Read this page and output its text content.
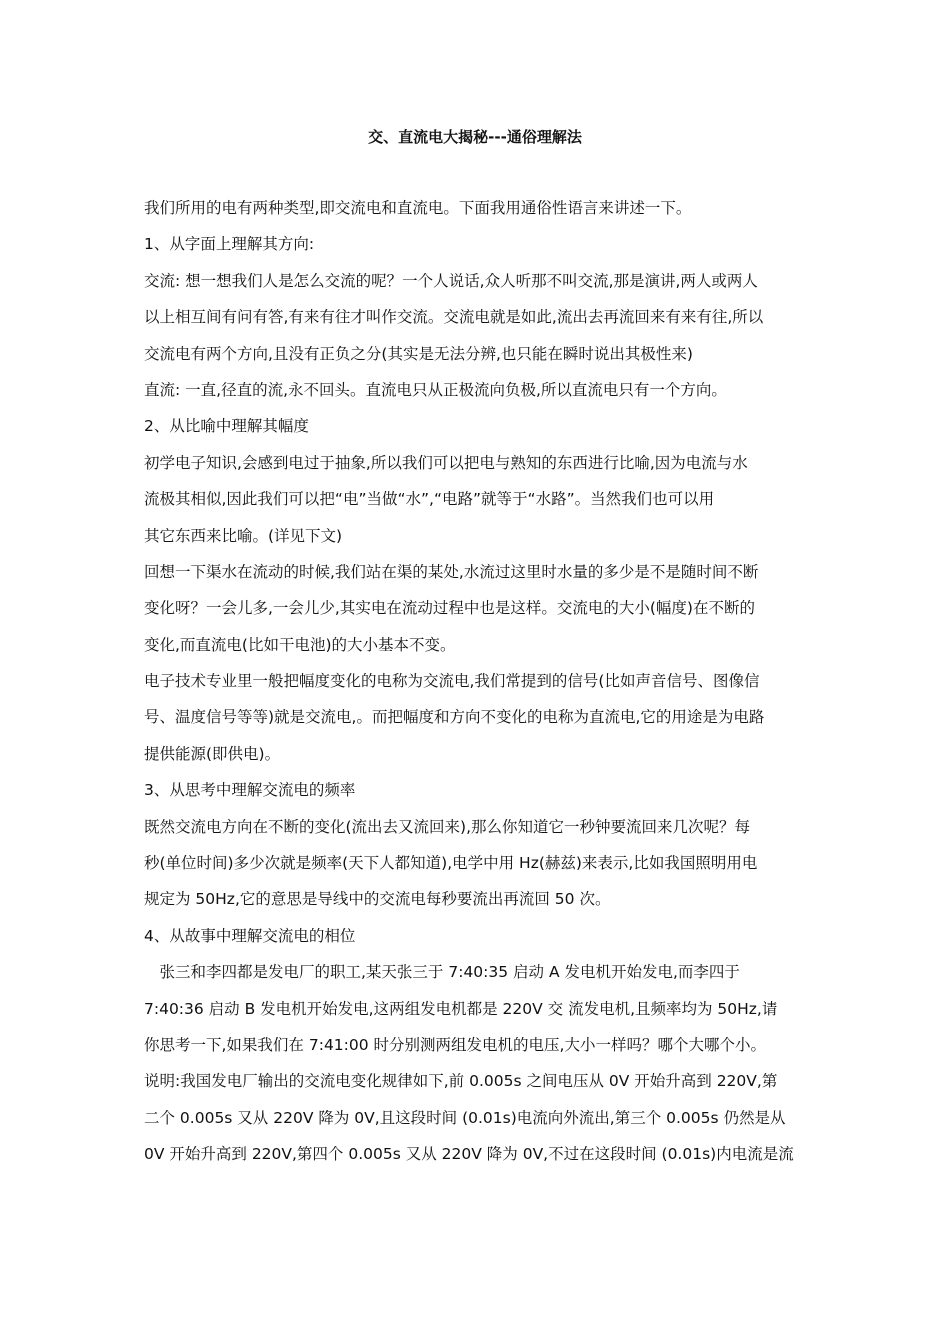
交、直流电大揭秘---通俗理解法
我们所用的电有两种类型,即交流电和直流电。下面我用通俗性语言来讲述一下。
1、从字面上理解其方向:
交流: 想一想我们人是怎么交流的呢？一个人说话,众人听那不叫交流,那是演讲,两人或两人
以上相互间有问有答,有来有往才叫作交流。交流电就是如此,流出去再流回来有来有往,所以
交流电有两个方向,且没有正负之分(其实是无法分辨,也只能在瞬时说出其极性来)
直流: 一直,径直的流,永不回头。直流电只从正极流向负极,所以直流电只有一个方向。
2、从比喻中理解其幅度
初学电子知识,会感到电过于抽象,所以我们可以把电与熟知的东西进行比喻,因为电流与水
流极其相似,因此我们可以把“电”当做“水”,“电路”就等于“水路”。当然我们也可以用
其它东西来比喻。(详见下文)
回想一下渠水在流动的时候,我们站在渠的某处,水流过这里时水量的多少是不是随时间不断
变化呀？一会儿多,一会儿少,其实电在流动过程中也是这样。交流电的大小(幅度)在不断的
变化,而直流电(比如干电池)的大小基本不变。
电子技术专业里一般把幅度变化的电称为交流电,我们常提到的信号(比如声音信号、图像信
号、温度信号等等)就是交流电,。而把幅度和方向不变化的电称为直流电,它的用途是为电路
提供能源(即供电)。
3、从思考中理解交流电的频率
既然交流电方向在不断的变化(流出去又流回来),那么你知道它一秒钟要流回来几次呢？每
秒(单位时间)多少次就是频率(天下人都知道),电学中用 Hz(赫兹)来表示,比如我国照明用电
规定为 50Hz,它的意思是导线中的交流电每秒要流出再流回 50 次。
4、从故事中理解交流电的相位
　张三和李四都是发电厂的职工,某天张三于 7:40:35 启动 A 发电机开始发电,而李四于
7:40:36 启动 B 发电机开始发电,这两组发电机都是 220V 交 流发电机,且频率均为 50Hz,请
你思考一下,如果我们在 7:41:00 时分别测两组发电机的电压,大小一样吗？哪个大哪个小。
说明:我国发电厂输出的交流电变化规律如下,前 0.005s 之间电压从 0V 开始升高到 220V,第
二个 0.005s 又从 220V 降为 0V,且这段时间 (0.01s)电流向外流出,第三个 0.005s 仍然是从
0V 开始升高到 220V,第四个 0.005s 又从 220V 降为 0V,不过在这段时间 (0.01s)内电流是流
